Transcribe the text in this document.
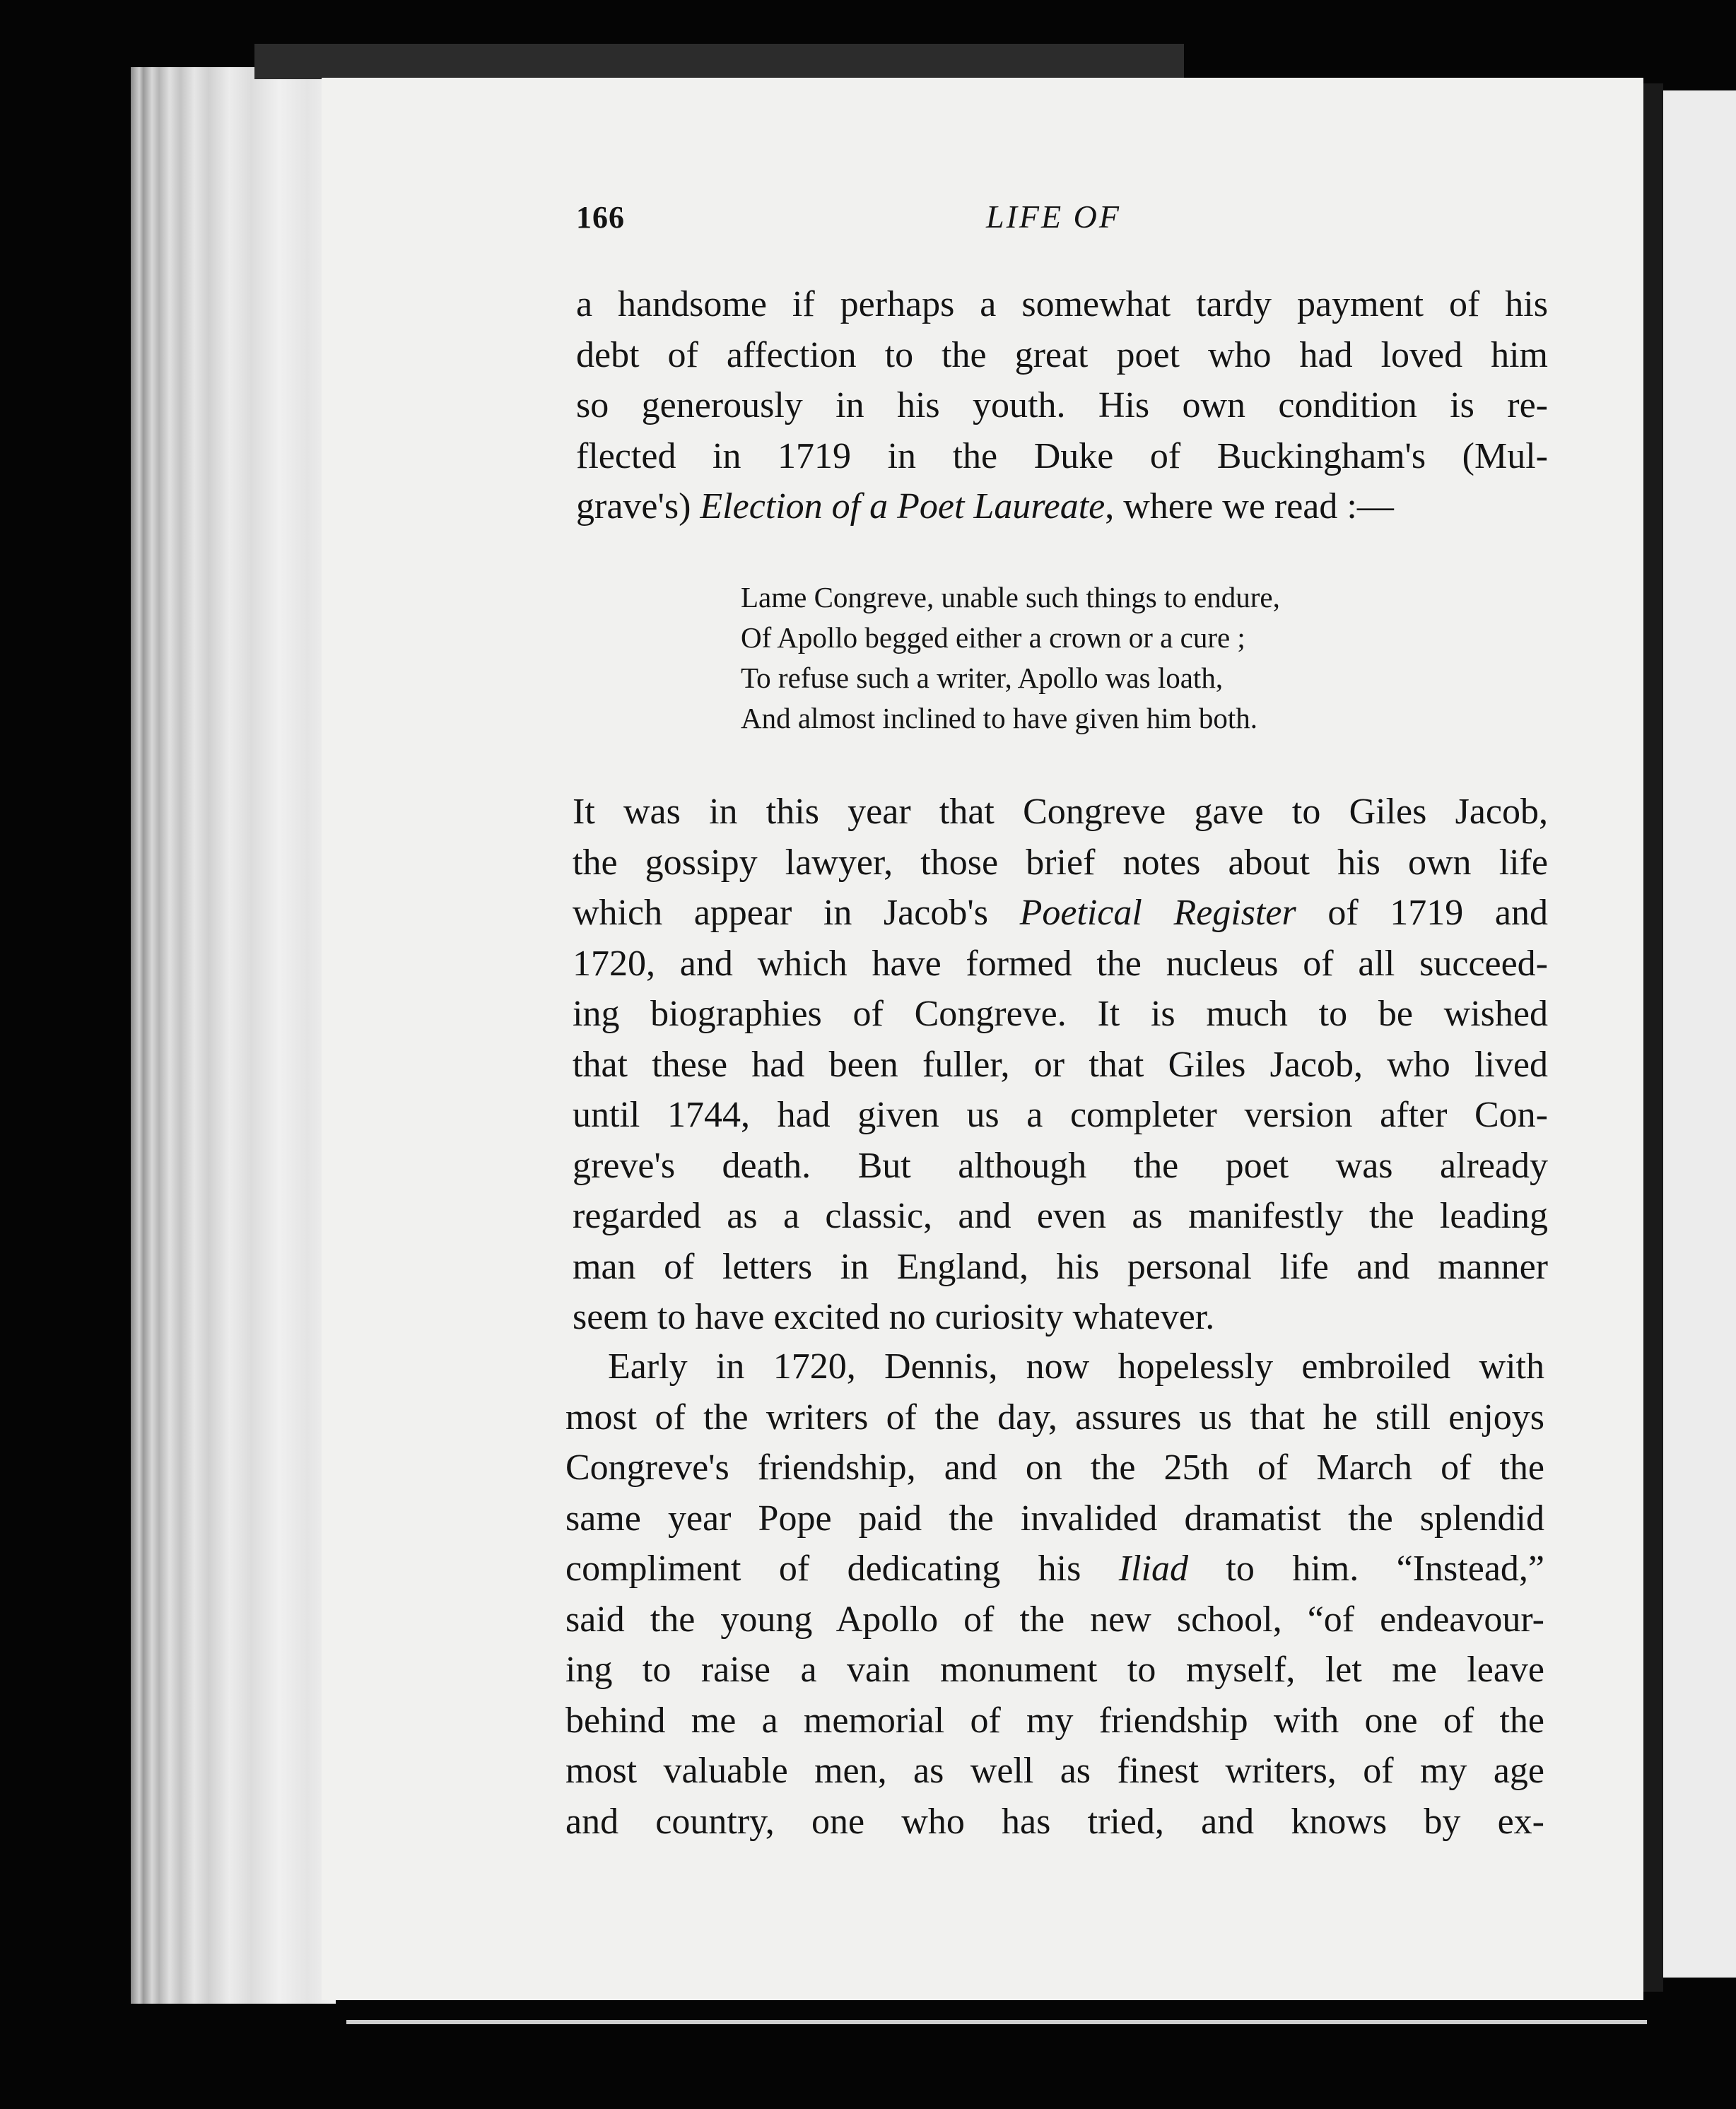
166	LIFE OF
a handsome if perhaps a somewhat tardy payment of his
debt of affection to the great poet who had loved him
so generously in his youth. His own condition is re-
flected in 1719 in the Duke of Buckingham's (Mul-
grave's) Election of a Poet Laureate, where we read :—
Lame Congreve, unable such things to endure,
Of Apollo begged either a crown or a cure ;
To refuse such a writer, Apollo was loath,
And almost inclined to have given him both.
It was in this year that Congreve gave to Giles Jacob,
the gossipy lawyer, those brief notes about his own life
which appear in Jacob's Poetical Register of 1719 and
1720, and which have formed the nucleus of all succeed-
ing biographies of Congreve. It is much to be wished
that these had been fuller, or that Giles Jacob, who lived
until 1744, had given us a completer version after Con-
greve's death. But although the poet was already
regarded as a classic, and even as manifestly the leading
man of letters in England, his personal life and manner
seem to have excited no curiosity whatever.
Early in 1720, Dennis, now hopelessly embroiled with
most of the writers of the day, assures us that he still enjoys
Congreve's friendship, and on the 25th of March of the
same year Pope paid the invalided dramatist the splendid
compliment of dedicating his Iliad to him. “Instead,”
said the young Apollo of the new school, “of endeavour-
ing to raise a vain monument to myself, let me leave
behind me a memorial of my friendship with one of the
most valuable men, as well as finest writers, of my age
and country, one who has tried, and knows by ex-
